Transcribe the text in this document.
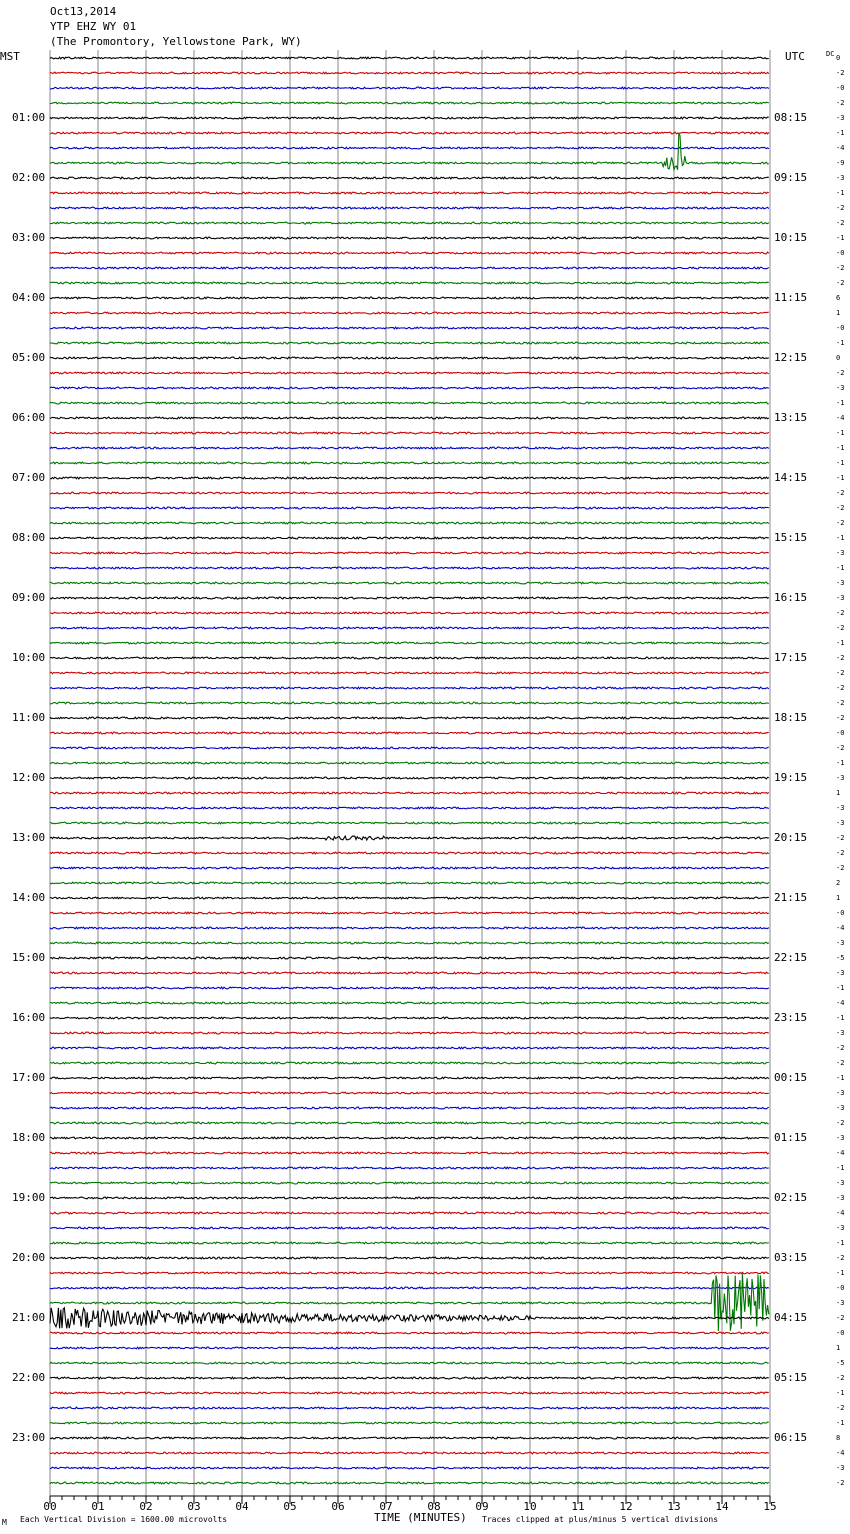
Oct13,2014
YTP EHZ WY 01
(The Promontory, Yellowstone Park, WY)
MST	UTC	DC
01:00
02:00
03:00
04:00
05:00
06:00
07:00
08:00
09:00
10:00
11:00
12:00
13:00
14:00
15:00
16:00
17:00
18:00
19:00
20:00
21:00
22:00
23:00
08:15
09:15
10:15
11:15
12:15
13:15
14:15
15:15
16:15
17:15
18:15
19:15
20:15
21:15
22:15
23:15
00:15
01:15
02:15
03:15
04:15
05:15
06:15
0
-2
-0
-2
-3
-1
-4
-9
-3
-1
-2
-2
-1
-0
-2
-2
6
1
-0
-1
0
-2
-3
-1
-4
-1
-1
-1
-1
-2
-2
-2
-1
-3
-1
-3
-3
-2
-2
-1
-2
-2
-2
-2
-2
-0
-2
-1
-3
1
-3
-3
-2
-2
-2
2
1
-0
-4
-3
-5
-3
-1
-4
-1
-3
-2
-2
-1
-3
-3
-2
-3
-4
-1
-3
-3
-4
-3
-1
-2
-1
-0
-3
-2
-0
1
-5
-2
-1
-2
-1
8
-4
-3
-2
00	01	02	03	04	05	06	07	08	09	10	11	12	13	14	15
M Each Vertical Division = 1600.00 microvolts	TIME (MINUTES) Traces clipped at plus/minus 5 vertical divisions
